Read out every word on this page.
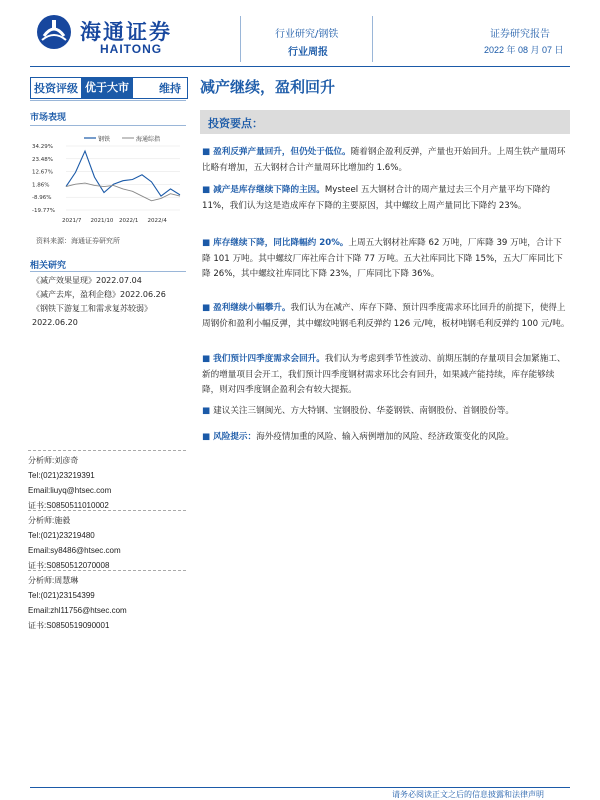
海通证券
HAITONG
行业研究/钢铁
行业周报
证券研究报告
2022 年 08 月 07 日
投资评级 优于大市	维持	减产继续，盈利回升
市场表现
钢铁	海通综指
34.29%
23.48%
12.67%
1.86%
-8.96%
-19.77%
2021/7 2021/10 2022/1 2022/4
资料来源：海通证券研究所
相关研究
《减产效果显现》2022.07.04
《减产去库，盈利企稳》2022.06.26
《钢铁下游复工和需求复苏较弱》2022.06.20
分析师:刘彦奇
Tel:(021)23219391
Email:liuyq@htsec.com
证书:S0850511010002
分析师:施毅
Tel:(021)23219480
Email:sy8486@htsec.com
证书:S0850512070008
分析师:周慧琳
Tel:(021)23154399
Email:zhl11756@htsec.com
证书:S0850519090001
投资要点：
■ 盈利反弹产量回升，但仍处于低位。随着钢企盈利反弹，产量也开始回升。上周生铁产量周环比略有增加，五大钢材合计产量周环比增加约 1.6%。
■ 减产是库存继续下降的主因。Mysteel 五大钢材合计的周产量过去三个月产量平均下降约 11%，我们认为这是造成库存下降的主要原因，其中螺纹上周产量同比下降约 23%。
■ 库存继续下降，同比降幅约 20%。上周五大钢材社库降 62 万吨，厂库降 39 万吨，合计下降 101 万吨。其中螺纹厂库社库合计下降 77 万吨。五大社库同比下降 15%，五大厂库同比下降 26%，其中螺纹社库同比下降 23%，厂库同比下降 36%。
■ 盈利继续小幅攀升。我们认为在减产、库存下降、预计四季度需求环比回升的前提下，使得上周钢价和盈利小幅反弹，其中螺纹吨钢毛利反弹约 126 元/吨，板材吨钢毛利反弹约 100 元/吨。
■ 我们预计四季度需求会回升。我们认为考虑到季节性波动、前期压制的存量项目会加紧施工、新的增量项目会开工，我们预计四季度钢材需求环比会有回升，如果减产能持续，库存能够续降，则对四季度钢企盈利会有较大提振。
■ 建议关注三钢闽光、方大特钢、宝钢股份、华菱钢铁、南钢股份、首钢股份等。
■ 风险提示：海外疫情加重的风险、输入病例增加的风险、经济政策变化的风险。
请务必阅读正文之后的信息披露和法律声明
